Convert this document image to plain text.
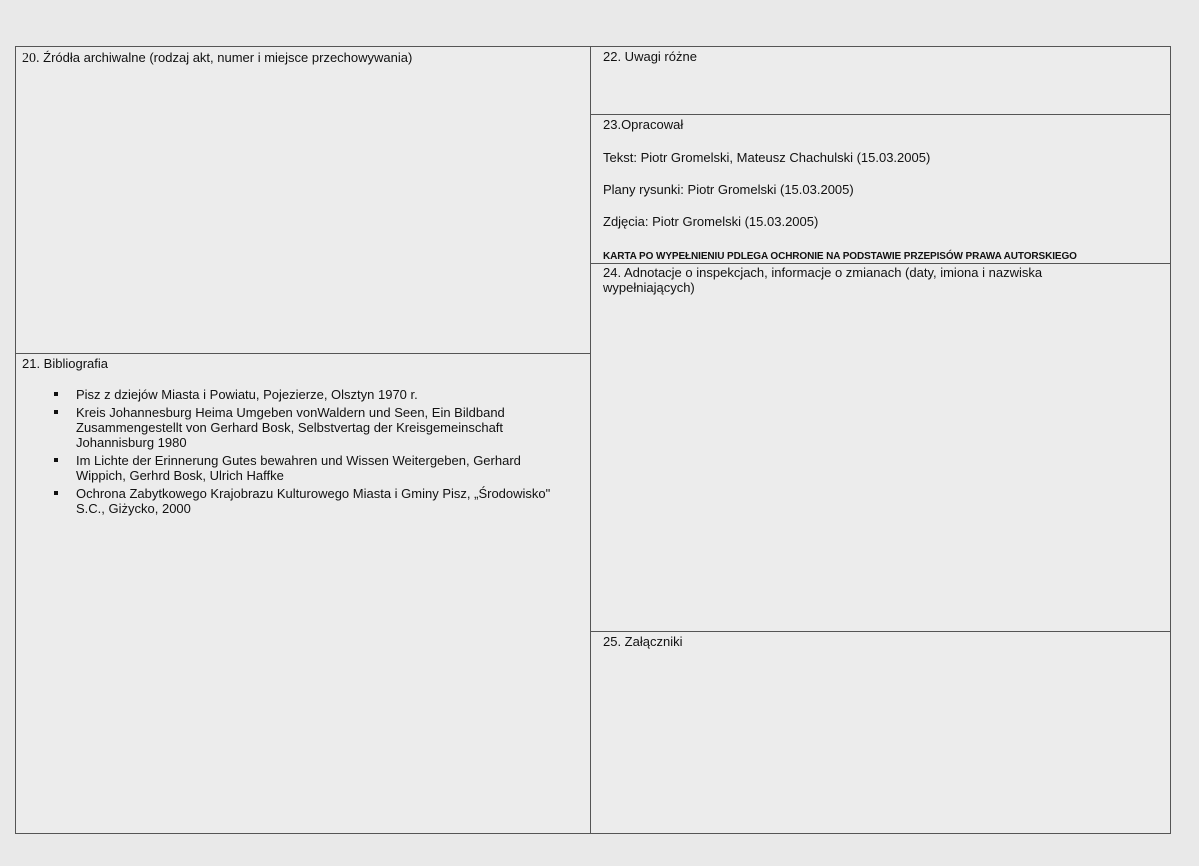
20. Źródła archiwalne (rodzaj akt, numer i miejsce przechowywania)
21. Bibliografia
Pisz z dziejów Miasta i Powiatu, Pojezierze, Olsztyn 1970 r.
Kreis Johannesburg Heima Umgeben vonWaldern und Seen, Ein Bildband Zusammengestellt von Gerhard Bosk, Selbstvertag der Kreisgemeinschaft Johannisburg 1980
Im Lichte der Erinnerung Gutes bewahren und Wissen Weitergeben, Gerhard Wippich, Gerhrd Bosk, Ulrich Haffke
Ochrona Zabytkowego Krajobrazu Kulturowego Miasta i Gminy Pisz, „Środowisko" S.C., Giżycko, 2000
22. Uwagi różne
23.Opracował
Tekst: Piotr Gromelski, Mateusz Chachulski (15.03.2005)
Plany rysunki: Piotr Gromelski (15.03.2005)
Zdjęcia: Piotr Gromelski (15.03.2005)
KARTA PO WYPEŁNIENIU PDLEGA OCHRONIE NA PODSTAWIE PRZEPISÓW PRAWA AUTORSKIEGO
24. Adnotacje o inspekcjach, informacje o zmianach (daty, imiona i nazwiska wypełniających)
25. Załączniki
